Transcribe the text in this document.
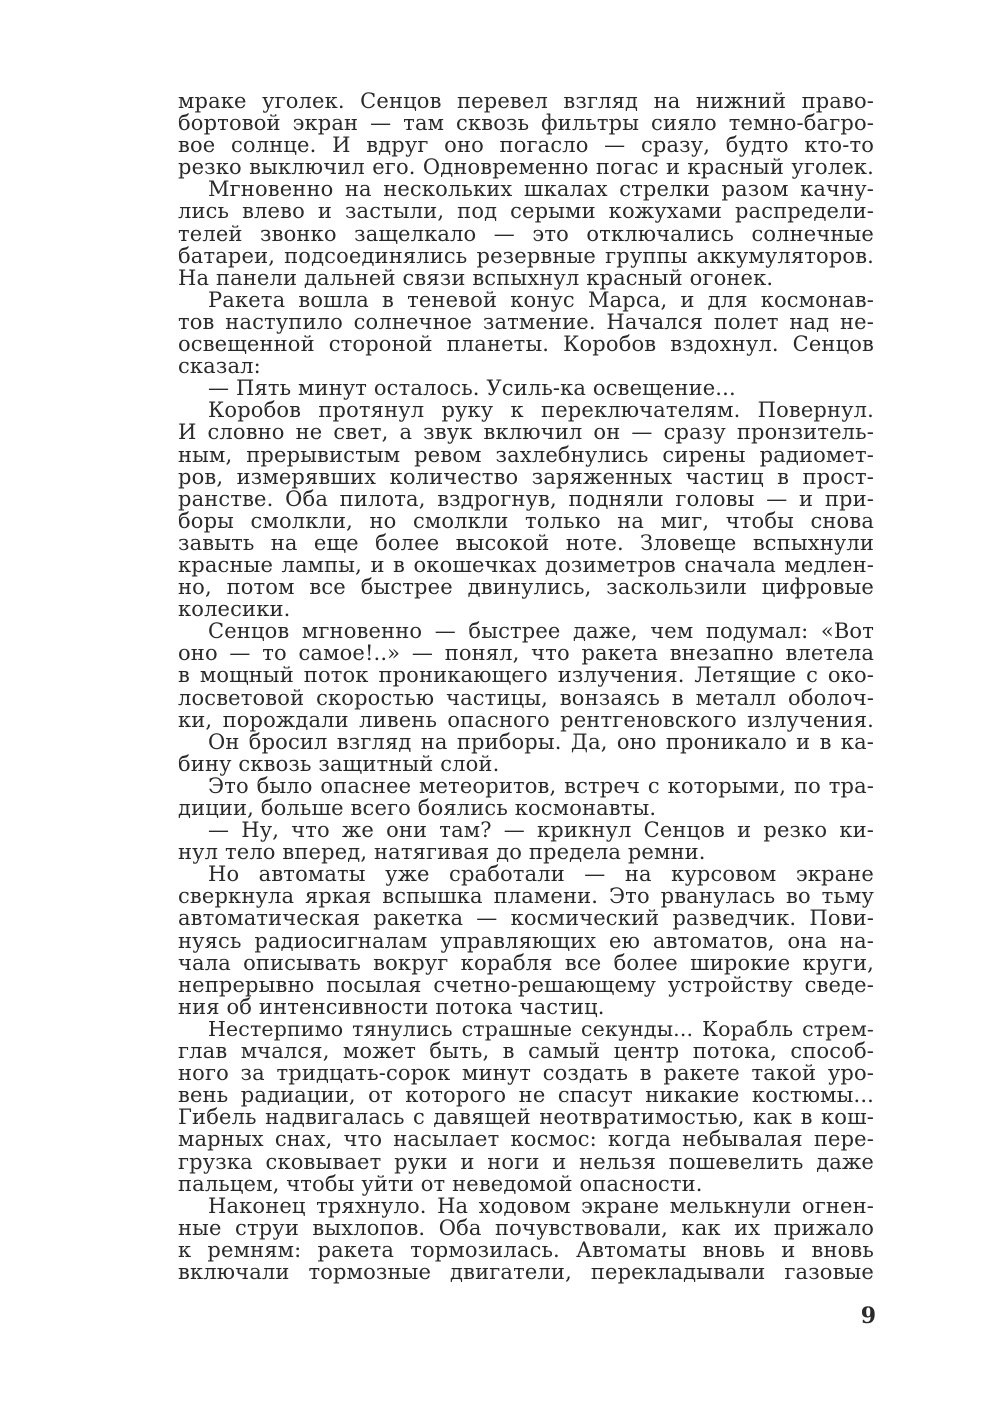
мраке уголек. Сенцов перевел взгляд на нижний право-
бортовой экран — там сквозь фильтры сияло темно-багро-
вое солнце. И вдруг оно погасло — сразу, будто кто-то
резко выключил его. Одновременно погас и красный уголек.
Мгновенно на нескольких шкалах стрелки разом качну-
лись влево и застыли, под серыми кожухами распредели-
телей звонко защелкало — это отключались солнечные
батареи, подсоединялись резервные группы аккумуляторов.
На панели дальней связи вспыхнул красный огонек.
Ракета вошла в теневой конус Марса, и для космонав-
тов наступило солнечное затмение. Начался полет над не-
освещенной стороной планеты. Коробов вздохнул. Сенцов
сказал:
— Пять минут осталось. Усиль-ка освещение...
Коробов протянул руку к переключателям. Повернул.
И словно не свет, а звук включил он — сразу пронзитель-
ным, прерывистым ревом захлебнулись сирены радиомет-
ров, измерявших количество заряженных частиц в прост-
ранстве. Оба пилота, вздрогнув, подняли головы — и при-
боры смолкли, но смолкли только на миг, чтобы снова
завыть на еще более высокой ноте. Зловеще вспыхнули
красные лампы, и в окошечках дозиметров сначала медлен-
но, потом все быстрее двинулись, заскользили цифровые
колесики.
Сенцов мгновенно — быстрее даже, чем подумал: «Вот
оно — то самое!..» — понял, что ракета внезапно влетела
в мощный поток проникающего излучения. Летящие с око-
лосветовой скоростью частицы, вонзаясь в металл оболоч-
ки, порождали ливень опасного рентгеновского излучения.
Он бросил взгляд на приборы. Да, оно проникало и в ка-
бину сквозь защитный слой.
Это было опаснее метеоритов, встреч с которыми, по тра-
диции, больше всего боялись космонавты.
— Ну, что же они там? — крикнул Сенцов и резко ки-
нул тело вперед, натягивая до предела ремни.
Но автоматы уже сработали — на курсовом экране
сверкнула яркая вспышка пламени. Это рванулась во тьму
автоматическая ракетка — космический разведчик. Пови-
нуясь радиосигналам управляющих ею автоматов, она на-
чала описывать вокруг корабля все более широкие круги,
непрерывно посылая счетно-решающему устройству сведе-
ния об интенсивности потока частиц.
Нестерпимо тянулись страшные секунды... Корабль стрем-
глав мчался, может быть, в самый центр потока, способ-
ного за тридцать-сорок минут создать в ракете такой уро-
вень радиации, от которого не спасут никакие костюмы...
Гибель надвигалась с давящей неотвратимостью, как в кош-
марных снах, что насылает космос: когда небывалая пере-
грузка сковывает руки и ноги и нельзя пошевелить даже
пальцем, чтобы уйти от неведомой опасности.
Наконец тряхнуло. На ходовом экране мелькнули огнен-
ные струи выхлопов. Оба почувствовали, как их прижало
к ремням: ракета тормозилась. Автоматы вновь и вновь
включали тормозные двигатели, перекладывали газовые
9
